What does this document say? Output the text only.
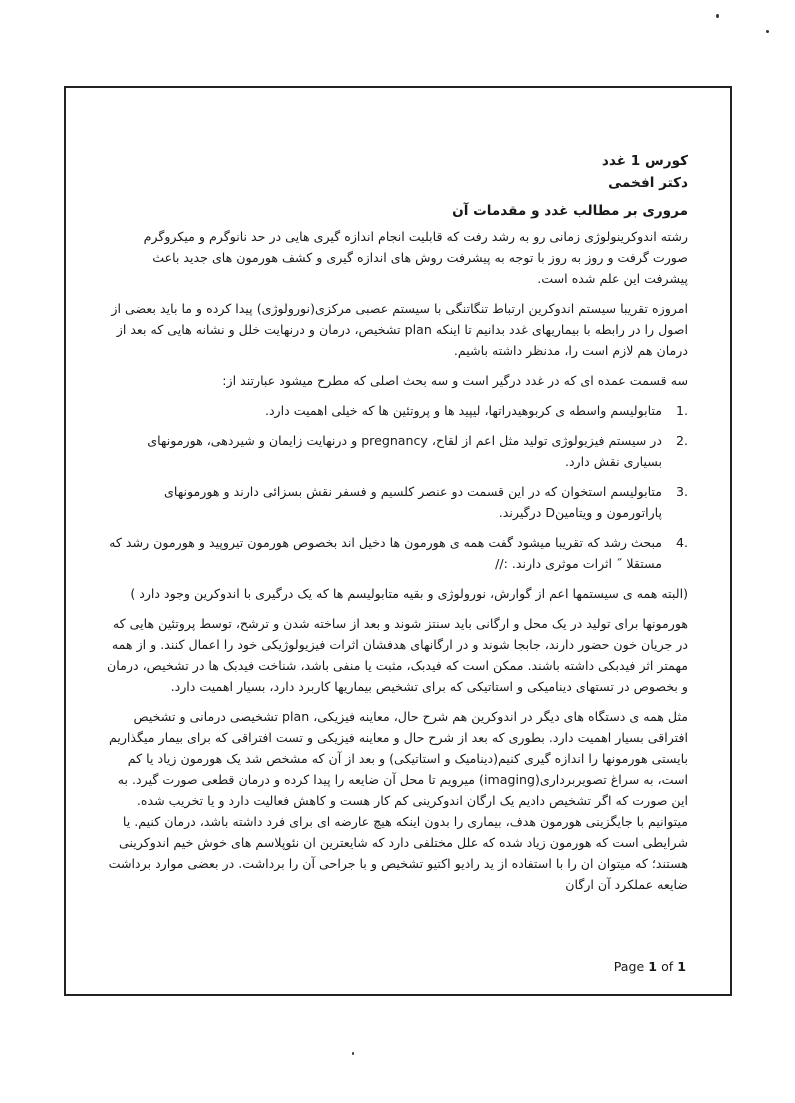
کورس 1 غدد

دکتر افخمی

مروری بر مطالب غدد و مقدمات آن

رشته اندوکرینولوژی زمانی رو به رشد رفت که قابلیت انجام اندازه گیری هایی در حد نانوگرم و میکروگرم صورت گرفت و روز به روز با توجه به پیشرفت روش های اندازه گیری و کشف هورمون های جدید باعث پیشرفت این علم شده است.

امروزه تقریبا سیستم اندوکرین ارتباط تنگاتنگی با سیستم عصبی مرکزی(نورولوژی) پیدا کرده و ما باید بعضی از اصول را در رابطه با بیماریهای غدد بدانیم تا اینکه plan تشخیص، درمان و درنهایت خلل و نشانه هایی که بعد از درمان هم لازم است را، مدنظر داشته باشیم.

سه قسمت عمده ای که در غدد درگیر است و سه بحث اصلی که مطرح میشود عبارتند از:

1 .
متابولیسم واسطه ی کربوهیدراتها، لیپید ها و پروتئین ها که خیلی اهمیت دارد.
2 .
در سیستم فیزیولوژی تولید مثل اعم از لقاح، pregnancy و درنهایت زایمان و شیردهی، هورمونهای بسیاری نقش دارد.
3 .
متابولیسم استخوان که در این قسمت دو عنصر کلسیم و فسفر نقش بسزائی دارند و هورمونهای پاراتورمون و ویتامینD درگیرند.
4 .
مبحث رشد که تقریبا میشود گفت همه ی هورمون ها دخیل اند بخصوص هورمون تیروپید و هورمون رشد که مستقلا ˝ اثرات موثری دارند. ://

(البته همه ی سیستمها اعم از گوارش، نورولوژی و بقیه متابولیسم ها که یک درگیری با اندوکرین وجود دارد )

هورمونها برای تولید در یک محل و ارگانی باید سنتز شوند و بعد از ساخته شدن و ترشح، توسط پروتئین هایی که در جریان خون حضور دارند، جابجا شوند و در ارگانهای هدفشان اثرات فیزیولوژیکی خود را اعمال کنند. و از همه مهمتر اثر فیدبکی داشته باشند. ممکن است که فیدبک، مثبت یا منفی باشد، شناخت فیدبک ها در تشخیص، درمان و بخصوص در تستهای دینامیکی و استاتیکی که برای تشخیص بیماریها کاربرد دارد، بسیار اهمیت دارد.

مثل همه ی دستگاه های دیگر در اندوکرین هم شرح حال، معاینه فیزیکی، plan تشخیصی درمانی و تشخیص افتراقی بسیار اهمیت دارد. بطوری که بعد از شرح حال و معاینه فیزیکی و تست افتراقی که برای بیمار میگذاریم بایستی هورمونها را اندازه گیری کنیم(دینامیک و استاتیکی) و بعد از آن که مشخص شد یک هورمون زیاد یا کم است، به سراغ تصویربرداری(imaging) میرویم تا محل آن ضایعه را پیدا کرده و درمان قطعی صورت گیرد. به این صورت که اگر تشخیص دادیم یک ارگان اندوکرینی کم کار هست و کاهش فعالیت دارد و یا تخریب شده. میتوانیم با جایگزینی هورمون هدف، بیماری را بدون اینکه هیچ عارضه ای برای فرد داشته باشد، درمان کنیم. یا شرایطی است که هورمون زیاد شده که علل مختلفی دارد که شایعترین ان نئوپلاسم های خوش خیم اندوکرینی هستند؛ که میتوان ان را با استفاده از ید رادیو اکتیو تشخیص و با جراحی آن را برداشت. در بعضی موارد برداشت ضایعه عملکرد آن ارگان

Page 1 of 1
